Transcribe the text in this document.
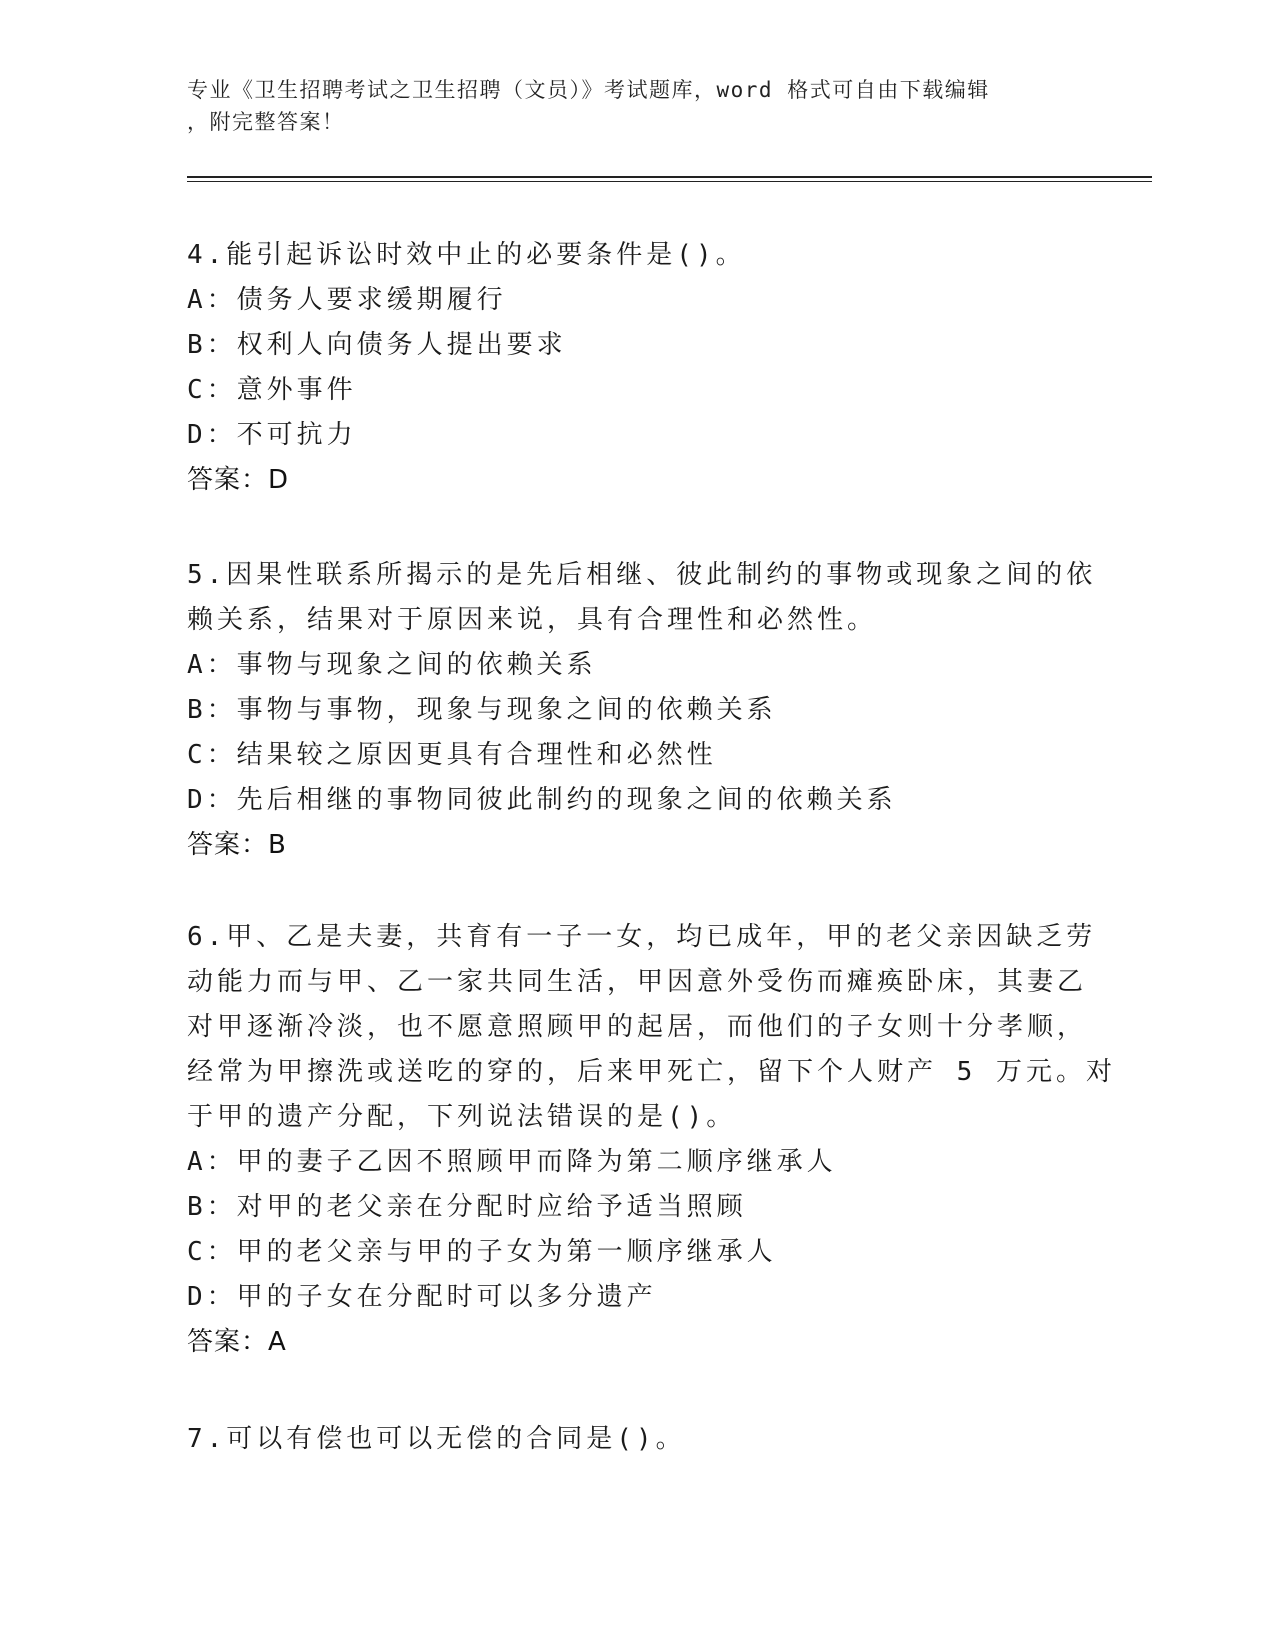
专业《卫生招聘考试之卫生招聘（文员）》考试题库，word 格式可自由下载编辑
，附完整答案！
4.能引起诉讼时效中止的必要条件是()。
A：债务人要求缓期履行
B：权利人向债务人提出要求
C：意外事件
D：不可抗力
答案：D
5.因果性联系所揭示的是先后相继、彼此制约的事物或现象之间的依
赖关系，结果对于原因来说，具有合理性和必然性。
A：事物与现象之间的依赖关系
B：事物与事物，现象与现象之间的依赖关系
C：结果较之原因更具有合理性和必然性
D：先后相继的事物同彼此制约的现象之间的依赖关系
答案：B
6.甲、乙是夫妻，共育有一子一女，均已成年，甲的老父亲因缺乏劳
动能力而与甲、乙一家共同生活，甲因意外受伤而瘫痪卧床，其妻乙
对甲逐渐冷淡，也不愿意照顾甲的起居，而他们的子女则十分孝顺，
经常为甲擦洗或送吃的穿的，后来甲死亡，留下个人财产 5 万元。对
于甲的遗产分配，下列说法错误的是()。
A：甲的妻子乙因不照顾甲而降为第二顺序继承人
B：对甲的老父亲在分配时应给予适当照顾
C：甲的老父亲与甲的子女为第一顺序继承人
D：甲的子女在分配时可以多分遗产
答案：A
7.可以有偿也可以无偿的合同是()。
